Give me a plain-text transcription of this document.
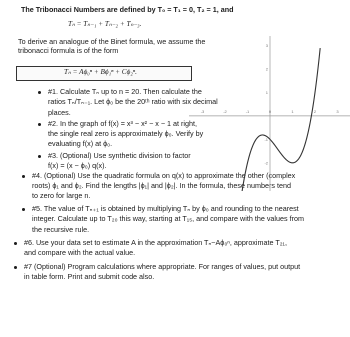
The Tribonacci Numbers are defined by T₀ = T₁ = 0, T₂ = 1, and
Tₙ = Tₙ₋₁ + Tₙ₋₂ + Tₙ₋₃.
To derive an analogue of the Binet formula, we assume the
tribonacci formula is of the form
Tₙ = Aϕ₀ⁿ + Bϕ₁ⁿ + Cϕ₂ⁿ.
#1. Calculate Tₙ up to n = 20. Then calculate the
ratios Tₙ/Tₙ₋₁. Let ϕ₀ be the 20ᵗʰ ratio with six decimal
places.
#2. In the graph of f(x) = x³ − x² − x − 1 at right,
the single real zero is approximately ϕ₀. Verify by
evaluating f(x) at ϕ₀.
#3. (Optional) Use synthetic division to factor
f(x) = (x − ϕ₀) q(x).
#4. (Optional) Use the quadratic formula on q(x) to approximate the other (complex
roots) ϕ₁ and ϕ₂. Find the lengths |ϕ₁| and |ϕ₂|. In the formula, these numbers tend
to zero for large n.
#5. The value of Tₙ₊₁ is obtained by multiplying Tₙ by ϕ₀ and rounding to the nearest
integer. Calculate up to T₂₀ this way, starting at T₁₅, and compare with the values from
the recursive rule.
#6. Use your data set to estimate A in the approximation Tₙ~Aϕ₀ⁿ, approximate T₂₁,
and compare with the actual value.
#7 (Optional) Program calculations where appropriate. For ranges of values, put output
in table form. Print and submit code also.
-3	-2	-1	0	1	2	3
3
2
1
-1
-2
